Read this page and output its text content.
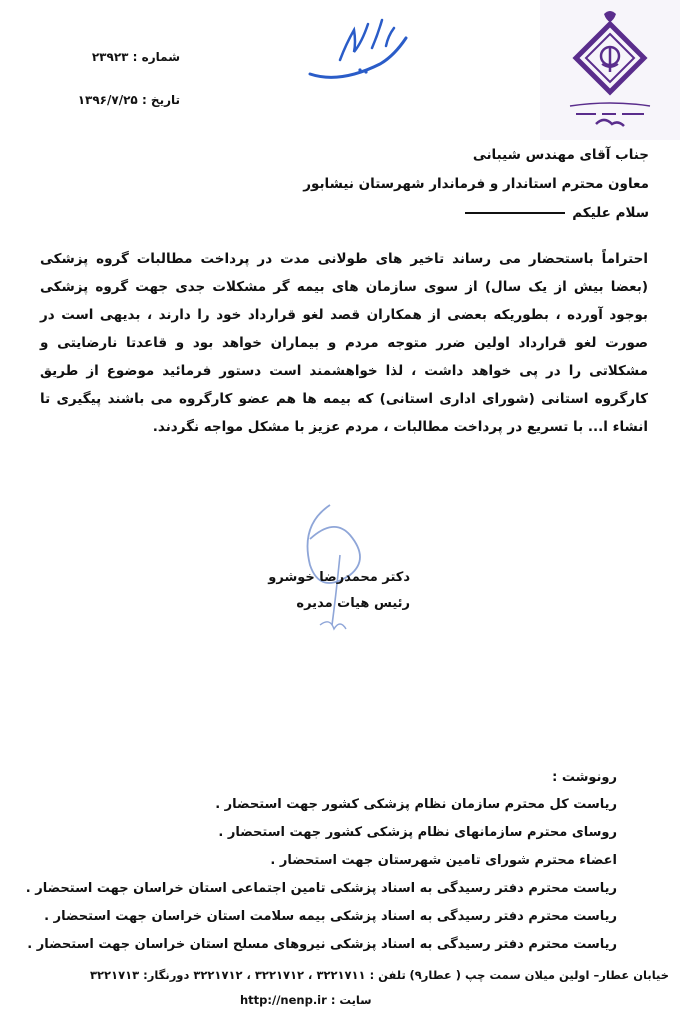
شماره : ۲۳۹۲۳
تاریخ : ۱۳۹۶/۷/۲۵
جناب آقای مهندس شیبانی
معاون محترم استاندار و فرماندار شهرستان نیشابور
سلام علیکم
احتراماً باستحضار می رساند تاخیر های طولانی مدت در پرداخت مطالبات گروه پزشکی (بعضا بیش از یک سال) از سوی سازمان های بیمه گر مشکلات جدی جهت گروه پزشکی بوجود آورده ، بطوریکه بعضی از همکاران قصد لغو قرارداد خود را دارند ، بدیهی است در صورت لغو قرارداد اولین ضرر متوجه مردم و بیماران خواهد بود و قاعدتا نارضایتی و مشکلاتی را در پی خواهد داشت ، لذا خواهشمند است دستور فرمائید موضوع از طریق کارگروه استانی (شورای اداری استانی) که بیمه ها هم عضو کارگروه می باشند پیگیری تا انشاء ا... با تسریع در پرداخت مطالبات ، مردم عزیز با مشکل مواجه نگردند.
دکتر محمدرضا خوشرو
رئیس هیات مدیره
رونوشت :
ریاست کل محترم سازمان نظام پزشکی کشور جهت استحضار .
روسای محترم سازمانهای نظام پزشکی کشور جهت استحضار .
اعضاء محترم شورای تامین شهرستان جهت استحضار .
ریاست محترم دفتر رسیدگی به اسناد پزشکی تامین اجتماعی استان خراسان جهت استحضار .
ریاست محترم دفتر رسیدگی به اسناد پزشکی بیمه سلامت استان خراسان جهت استحضار .
ریاست محترم دفتر رسیدگی به اسناد پزشکی نیروهای مسلح استان خراسان جهت استحضار .
خیابان عطار– اولین میلان سمت چپ ( عطار۹)
تلفن : ۳۲۲۱۷۱۱ ، ۳۲۲۱۷۱۲ ، ۳۲۲۱۷۱۲ دورنگار: ۳۲۲۱۷۱۳
سایت : http://nenp.ir
